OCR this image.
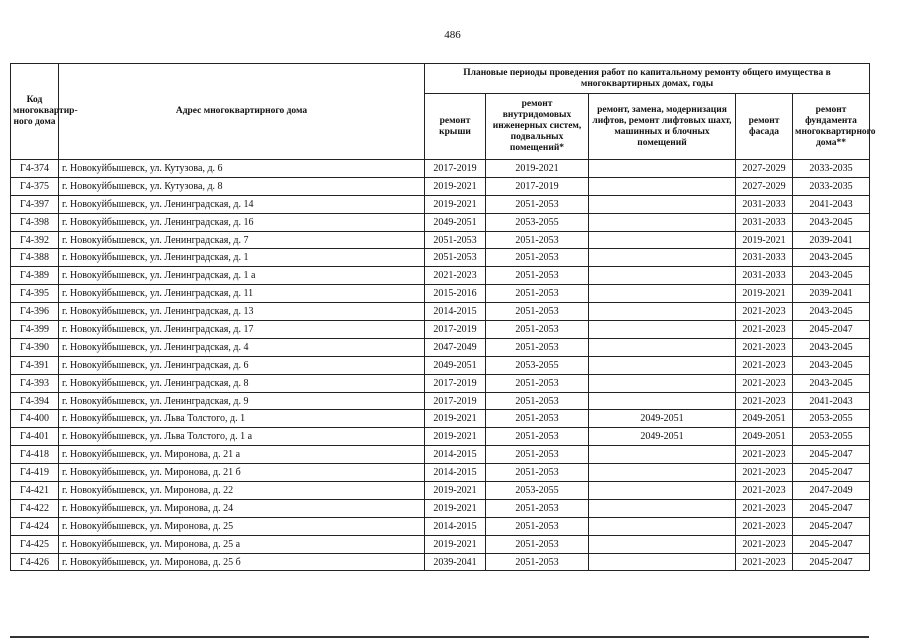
486
Код многоквартир-ного дома	Адрес многоквартирного дома	Плановые периоды проведения работ по капитальному ремонту общего имущества в многоквартирных домах, годы				
		ремонт крыши	ремонт внутридомовых инженерных систем, подвальных помещений*	ремонт, замена, модернизация лифтов, ремонт лифтовых шахт, машинных и блочных помещений	ремонт фасада	ремонт фундамента многоквартирного дома**
Г4-374	г. Новокуйбышевск, ул. Кутузова, д. 6	2017-2019	2019-2021		2027-2029	2033-2035
Г4-375	г. Новокуйбышевск, ул. Кутузова, д. 8	2019-2021	2017-2019		2027-2029	2033-2035
Г4-397	г. Новокуйбышевск, ул. Ленинградская, д. 14	2019-2021	2051-2053		2031-2033	2041-2043
Г4-398	г. Новокуйбышевск, ул. Ленинградская, д. 16	2049-2051	2053-2055		2031-2033	2043-2045
Г4-392	г. Новокуйбышевск, ул. Ленинградская, д. 7	2051-2053	2051-2053		2019-2021	2039-2041
Г4-388	г. Новокуйбышевск, ул. Ленинградская, д. 1	2051-2053	2051-2053		2031-2033	2043-2045
Г4-389	г. Новокуйбышевск, ул. Ленинградская, д. 1 а	2021-2023	2051-2053		2031-2033	2043-2045
Г4-395	г. Новокуйбышевск, ул. Ленинградская, д. 11	2015-2016	2051-2053		2019-2021	2039-2041
Г4-396	г. Новокуйбышевск, ул. Ленинградская, д. 13	2014-2015	2051-2053		2021-2023	2043-2045
Г4-399	г. Новокуйбышевск, ул. Ленинградская, д. 17	2017-2019	2051-2053		2021-2023	2045-2047
Г4-390	г. Новокуйбышевск, ул. Ленинградская, д. 4	2047-2049	2051-2053		2021-2023	2043-2045
Г4-391	г. Новокуйбышевск, ул. Ленинградская, д. 6	2049-2051	2053-2055		2021-2023	2043-2045
Г4-393	г. Новокуйбышевск, ул. Ленинградская, д. 8	2017-2019	2051-2053		2021-2023	2043-2045
Г4-394	г. Новокуйбышевск, ул. Ленинградская, д. 9	2017-2019	2051-2053		2021-2023	2041-2043
Г4-400	г. Новокуйбышевск, ул. Льва Толстого, д. 1	2019-2021	2051-2053	2049-2051	2049-2051	2053-2055
Г4-401	г. Новокуйбышевск, ул. Льва Толстого, д. 1 а	2019-2021	2051-2053	2049-2051	2049-2051	2053-2055
Г4-418	г. Новокуйбышевск, ул. Миронова, д. 21 а	2014-2015	2051-2053		2021-2023	2045-2047
Г4-419	г. Новокуйбышевск, ул. Миронова, д. 21 б	2014-2015	2051-2053		2021-2023	2045-2047
Г4-421	г. Новокуйбышевск, ул. Миронова, д. 22	2019-2021	2053-2055		2021-2023	2047-2049
Г4-422	г. Новокуйбышевск, ул. Миронова, д. 24	2019-2021	2051-2053		2021-2023	2045-2047
Г4-424	г. Новокуйбышевск, ул. Миронова, д. 25	2014-2015	2051-2053		2021-2023	2045-2047
Г4-425	г. Новокуйбышевск, ул. Миронова, д. 25 а	2019-2021	2051-2053		2021-2023	2045-2047
Г4-426	г. Новокуйбышевск, ул. Миронова, д. 25 б	2039-2041	2051-2053		2021-2023	2045-2047
